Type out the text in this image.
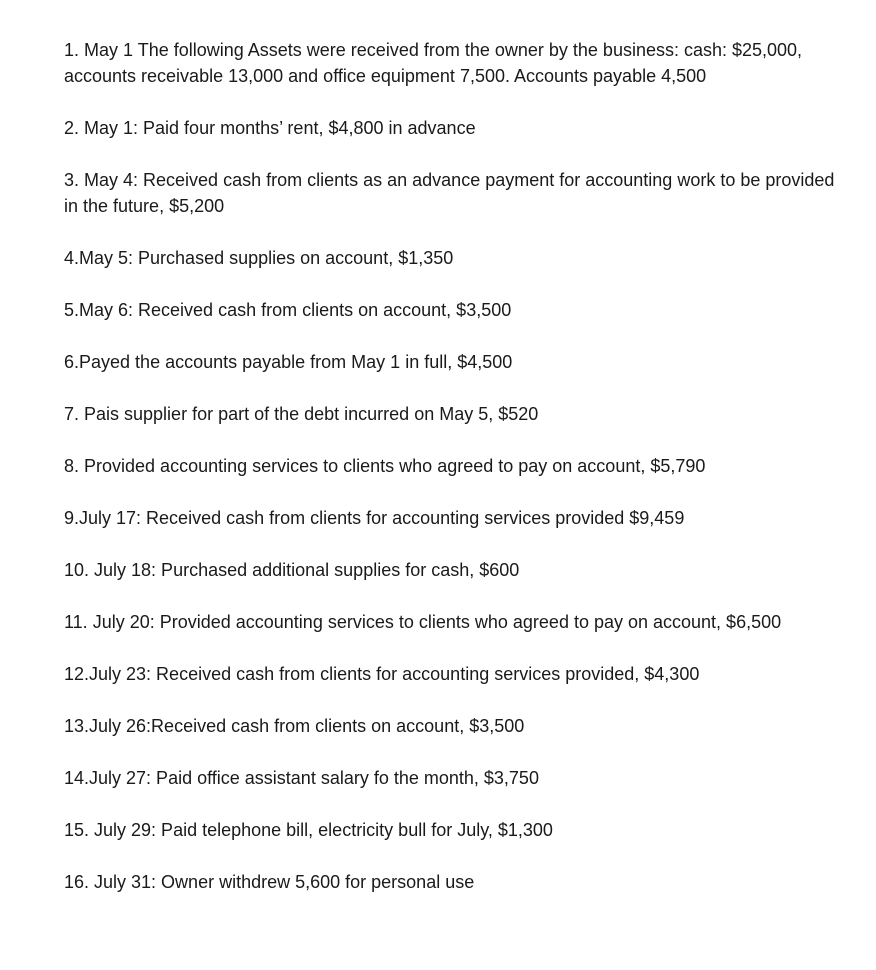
1. May 1 The following Assets were received from the owner by the business: cash: $25,000, accounts receivable 13,000 and office equipment 7,500. Accounts payable 4,500

2. May 1: Paid four months’ rent, $4,800 in advance

3. May 4: Received cash from clients as an advance payment for accounting work to be provided in the future, $5,200

4.May 5: Purchased supplies on account, $1,350

5.May 6: Received cash from clients on account, $3,500

6.Payed the accounts payable from May 1 in full, $4,500

7. Pais supplier for part of the debt incurred on May 5, $520

8. Provided accounting services to clients who agreed to pay on account, $5,790

9.July 17: Received cash from clients for accounting services provided $9,459

10. July 18: Purchased additional supplies for cash, $600

11. July 20: Provided accounting services to clients who agreed to pay on account, $6,500

12.July 23: Received cash from clients for accounting services provided, $4,300

13.July 26:Received cash from clients on account, $3,500

14.July 27: Paid office assistant salary fo the month, $3,750

15. July 29: Paid telephone bill, electricity bull for July, $1,300

16. July 31: Owner withdrew 5,600 for personal use
